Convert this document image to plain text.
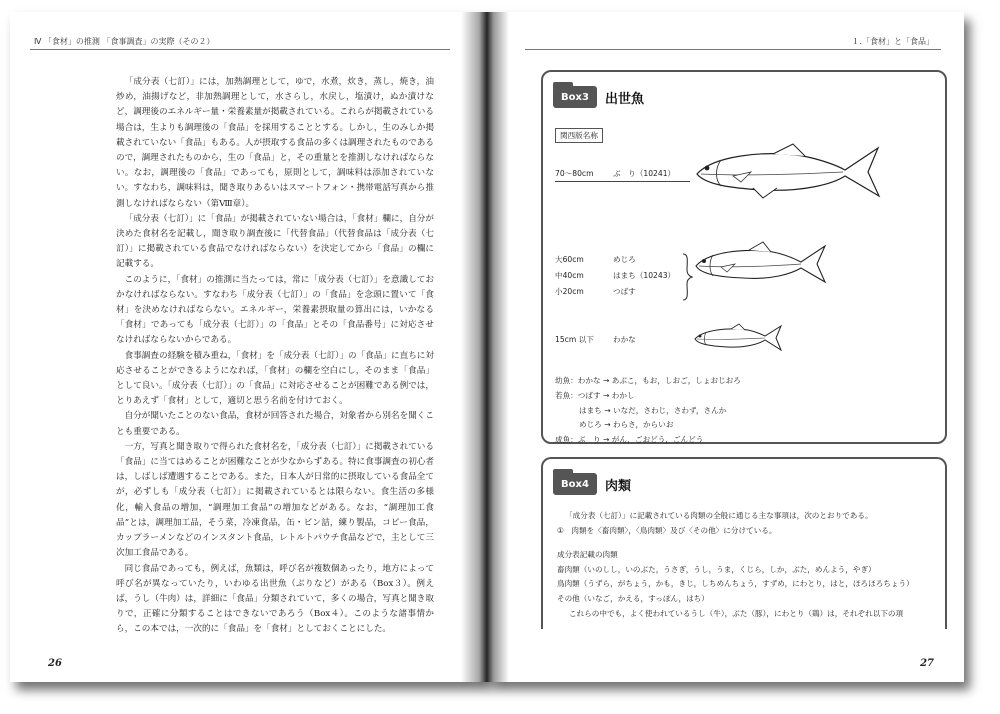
Ⅳ 「食材」の推測 「食事調査」の実際（その２）

「成分表（七訂）」には，加熱調理として，ゆで，水煮，炊き，蒸し，焼き，油炒め，油揚げなど，非加熱調理として，水さらし，水戻し，塩漬け，ぬか漬けなど，調理後のエネルギー量・栄養素量が掲載されている。これらが掲載されている場合は，生よりも調理後の「食品」を採用することとする。しかし，生のみしか掲載されていない「食品」もある。人が摂取する食品の多くは調理されたものであるので，調理されたものから，生の「食品」と，その重量とを推測しなければならない。なお，調理後の「食品」であっても，原則として，調味料は添加されていない。すなわち，調味料は，聞き取りあるいはスマートフォン・携帯電話写真から推測しなければならない（第Ⅷ章）。

「成分表（七訂）」に「食品」が掲載されていない場合は，「食材」欄に，自分が決めた食材名を記載し，聞き取り調査後に「代替食品」（代替食品は「成分表（七訂）」に掲載されている食品でなければならない）を決定してから「食品」の欄に記載する。

このように，「食材」の推測に当たっては，常に「成分表（七訂）」を意識しておかなければならない。すなわち「成分表（七訂）」の「食品」を念頭に置いて「食材」を決めなければならない。エネルギー，栄養素摂取量の算出には，いかなる「食材」であっても「成分表（七訂）」の「食品」とその「食品番号」に対応させなければならないからである。

食事調査の経験を積み重ね，「食材」を「成分表（七訂）」の「食品」に直ちに対応させることができるようになれば，「食材」の欄を空白にし，そのまま「食品」として良い。「成分表（七訂）」の「食品」に対応させることが困難である例では，とりあえず「食材」として，適切と思う名前を付けておく。

自分が聞いたことのない食品，食材が回答された場合，対象者から別名を聞くことも重要である。

一方，写真と聞き取りで得られた食材名を，「成分表（七訂）」に掲載されている「食品」に当てはめることが困難なことが少なからずある。特に食事調査の初心者は，しばしば遭遇することである。また，日本人が日常的に摂取している食品全てが，必ずしも「成分表（七訂）」に掲載されているとは限らない。食生活の多様化，輸入食品の増加，“調理加工食品”の増加などがある。なお，“調理加工食品”とは，調理加工品，そう菜，冷凍食品，缶・ビン詰，練り製品，コピー食品，カップラーメンなどのインスタント食品，レトルトパウチ食品などで，主として三次加工食品である。

同じ食品であっても，例えば，魚類は，呼び名が複数個あったり，地方によって呼び名が異なっていたり，いわゆる出世魚（ぶりなど）がある（Box３）。例えば，うし（牛肉）は，詳細に「食品」分類されていて，多くの場合，写真と聞き取りで，正確に分類することはできないであろう（Box４）。このような諸事情から，この本では，一次的に「食品」を「食材」としておくことにした。

26
１.「食材」と「食品」
Box3	出世魚
関西版名称
70～80cm	ぶ　り（10241）
大60cm
中40cm
小20cm
めじろ
はまち（10243）
つばす
15cm 以下	わかな
幼魚：わかな → あぶこ，もお，しおご，しょおじおろ
若魚：つばす → わかし
はまち → いなだ，さわじ，さわず，さんか
めじろ → わらさ，からいお
成魚：ぶ　り → がん，ごおどう，ごんどう
Box4	肉類
「成分表（七訂）」に記載されている肉類の全般に通じる主な事項は，次のとおりである。
①　肉類を〈畜肉類〉，〈鳥肉類〉及び〈その他〉に分けている。
成分表記載の肉類
畜肉類（いのしし，いのぶた，うさぎ，うし，うま，くじら，しか，ぶた，めんよう，やぎ）
鳥肉類（うずら，がちょう，かも，きじ，しちめんちょう，すずめ，にわとり，はと，ほろほろちょう）
その他（いなご，かえる，すっぽん，はち）
これらの中でも，よく使われているうし（牛），ぶた（豚），にわとり（鶏）は，それぞれ以下の項
27
